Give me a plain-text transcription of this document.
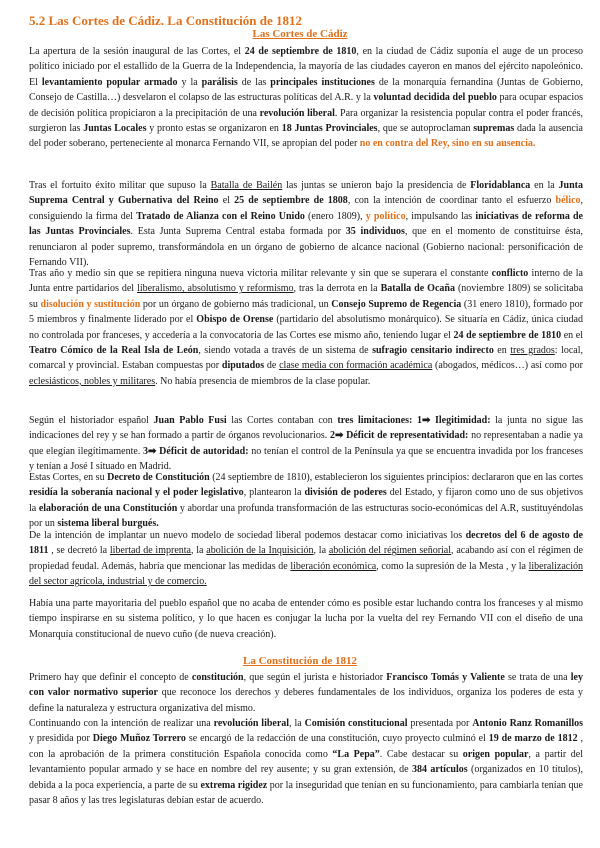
5.2 Las Cortes de Cádiz. La Constitución de 1812
Las Cortes de Cádiz

La apertura de la sesión inaugural de las Cortes, el 24 de septiembre de 1810, en la ciudad de Cádiz suponía el auge de un proceso político iniciado por el estallido de la Guerra de la Independencia, la mayoría de las ciudades cayeron en manos del ejército napoleónico. El levantamiento popular armado y la parálisis de las principales instituciones de la monarquía fernandina (Juntas de Gobierno, Consejo de Castilla…) desvelaron el colapso de las estructuras políticas del A.R. y la voluntad decidida del pueblo para ocupar espacios de decisión política propiciaron a la precipitación de una revolución liberal. Para organizar la resistencia popular contra el poder francés, surgieron las Juntas Locales y pronto estas se organizaron en 18 Juntas Provinciales, que se autoproclaman supremas dada la ausencia del poder soberano, perteneciente al monarca Fernando VII, se apropian del poder no en contra del Rey, sino en su ausencia.

Tras el fortuito éxito militar que supuso la Batalla de Bailén las juntas se unieron bajo la presidencia de Floridablanca en la Junta Suprema Central y Gubernativa del Reino el 25 de septiembre de 1808, con la intención de coordinar tanto el esfuerzo bélico, consiguiendo la firma del Tratado de Alianza con el Reino Unido (enero 1809), y político, impulsando las iniciativas de reforma de las Juntas Provinciales. Esta Junta Suprema Central estaba formada por 35 individuos, que en el momento de constituirse ésta, renunciaron al poder supremo, transformándola en un órgano de gobierno de alcance nacional (Gobierno nacional: personificación de Fernando VII).

Tras año y medio sin que se repitiera ninguna nueva victoria militar relevante y sin que se superara el constante conflicto interno de la Junta entre partidarios del liberalismo, absolutismo y reformismo, tras la derrota en la Batalla de Ocaña (noviembre 1809) se solicitaba su disolución y sustitución por un órgano de gobierno más tradicional, un Consejo Supremo de Regencia (31 enero 1810), formado por 5 miembros y finalmente liderado por el Obispo de Orense (partidario del absolutismo monárquico). Se situaría en Cádiz, única ciudad no controlada por franceses, y accedería a la convocatoria de las Cortes ese mismo año, teniendo lugar el 24 de septiembre de 1810 en el Teatro Cómico de la Real Isla de León, siendo votada a través de un sistema de sufragio censitario indirecto en tres grados: local, comarcal y provincial. Estaban compuestas por diputados de clase media con formación académica (abogados, médicos…) así como por eclesiásticos, nobles y militares. No había presencia de miembros de la clase popular.

Según el historiador español Juan Pablo Fusi las Cortes contaban con tres limitaciones: 1➡ Ilegitimidad: la junta no sigue las indicaciones del rey y se han formado a partir de órganos revolucionarios. 2➡ Déficit de representatividad: no representaban a nadie ya que elegían ilegítimamente. 3➡ Déficit de autoridad: no tenían el control de la Península ya que se encuentra invadida por los franceses y tenían a José I situado en Madrid.

Estas Cortes, en su Decreto de Constitución (24 septiembre de 1810), establecieron los siguientes principios: declararon que en las cortes residía la soberanía nacional y el poder legislativo, plantearon la división de poderes del Estado, y fijaron como uno de sus objetivos la elaboración de una Constitución y abordar una profunda transformación de las estructuras socio-económicas del A.R, sustituyéndolas por un sistema liberal burgués.

De la intención de implantar un nuevo modelo de sociedad liberal podemos destacar como iniciativas los decretos del 6 de agosto de 1811 , se decretó la libertad de imprenta, la abolición de la Inquisición, la abolición del régimen señorial, acabando así con el régimen de propiedad feudal. Además, habría que mencionar las medidas de liberación económica, como la supresión de la Mesta , y la liberalización del sector agrícola, industrial y de comercio.

Había una parte mayoritaria del pueblo español que no acaba de entender cómo es posible estar luchando contra los franceses y al mismo tiempo inspirarse en su sistema político, y lo que hacen es conjugar la lucha por la vuelta del rey Fernando VII con el diseño de una Monarquía constitucional de nuevo cuño (de nueva creación).

La Constitución de 1812

Primero hay que definir el concepto de constitución, que según el jurista e historiador Francisco Tomás y Valiente se trata de una ley con valor normativo superior que reconoce los derechos y deberes fundamentales de los individuos, organiza los poderes de esta y define la naturaleza y estructura organizativa del mismo.

Continuando con la intención de realizar una revolución liberal, la Comisión constitucional presentada por Antonio Ranz Romanillos y presidida por Diego Muñoz Torrero se encargó de la redacción de una constitución, cuyo proyecto culminó el 19 de marzo de 1812 , con la aprobación de la primera constitución Española conocida como “La Pepa”. Cabe destacar su origen popular, a partir del levantamiento popular armado y se hace en nombre del rey ausente; y su gran extensión, de 384 artículos (organizados en 10 títulos), debida a la poca experiencia, a parte de su extrema rigidez por la inseguridad que tenían en su funcionamiento, para cambiarla tenían que pasar 8 años y las tres legislaturas debían estar de acuerdo.
